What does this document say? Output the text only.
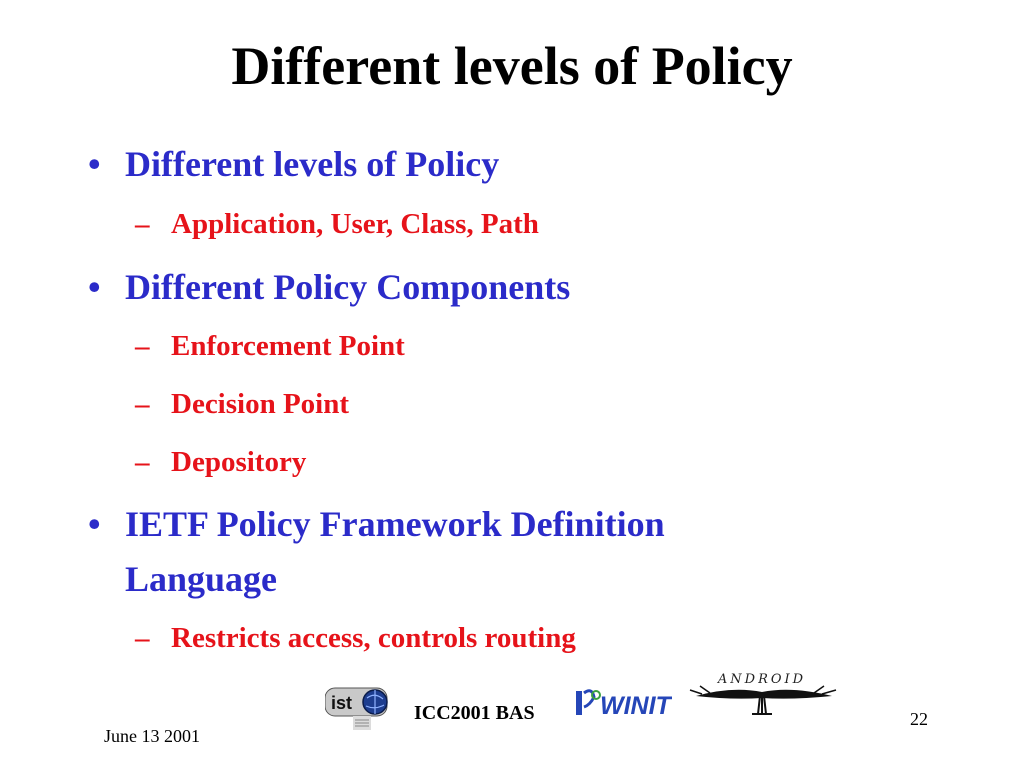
Different levels of Policy
• Different levels of Policy
– Application, User, Class, Path
• Different Policy Components
– Enforcement Point
– Decision Point
– Depository
• IETF Policy Framework Definition
Language
– Restricts access, controls routing
June 13 2001
ist	ICC2001 BAS	WINIT
ANDROID
22
